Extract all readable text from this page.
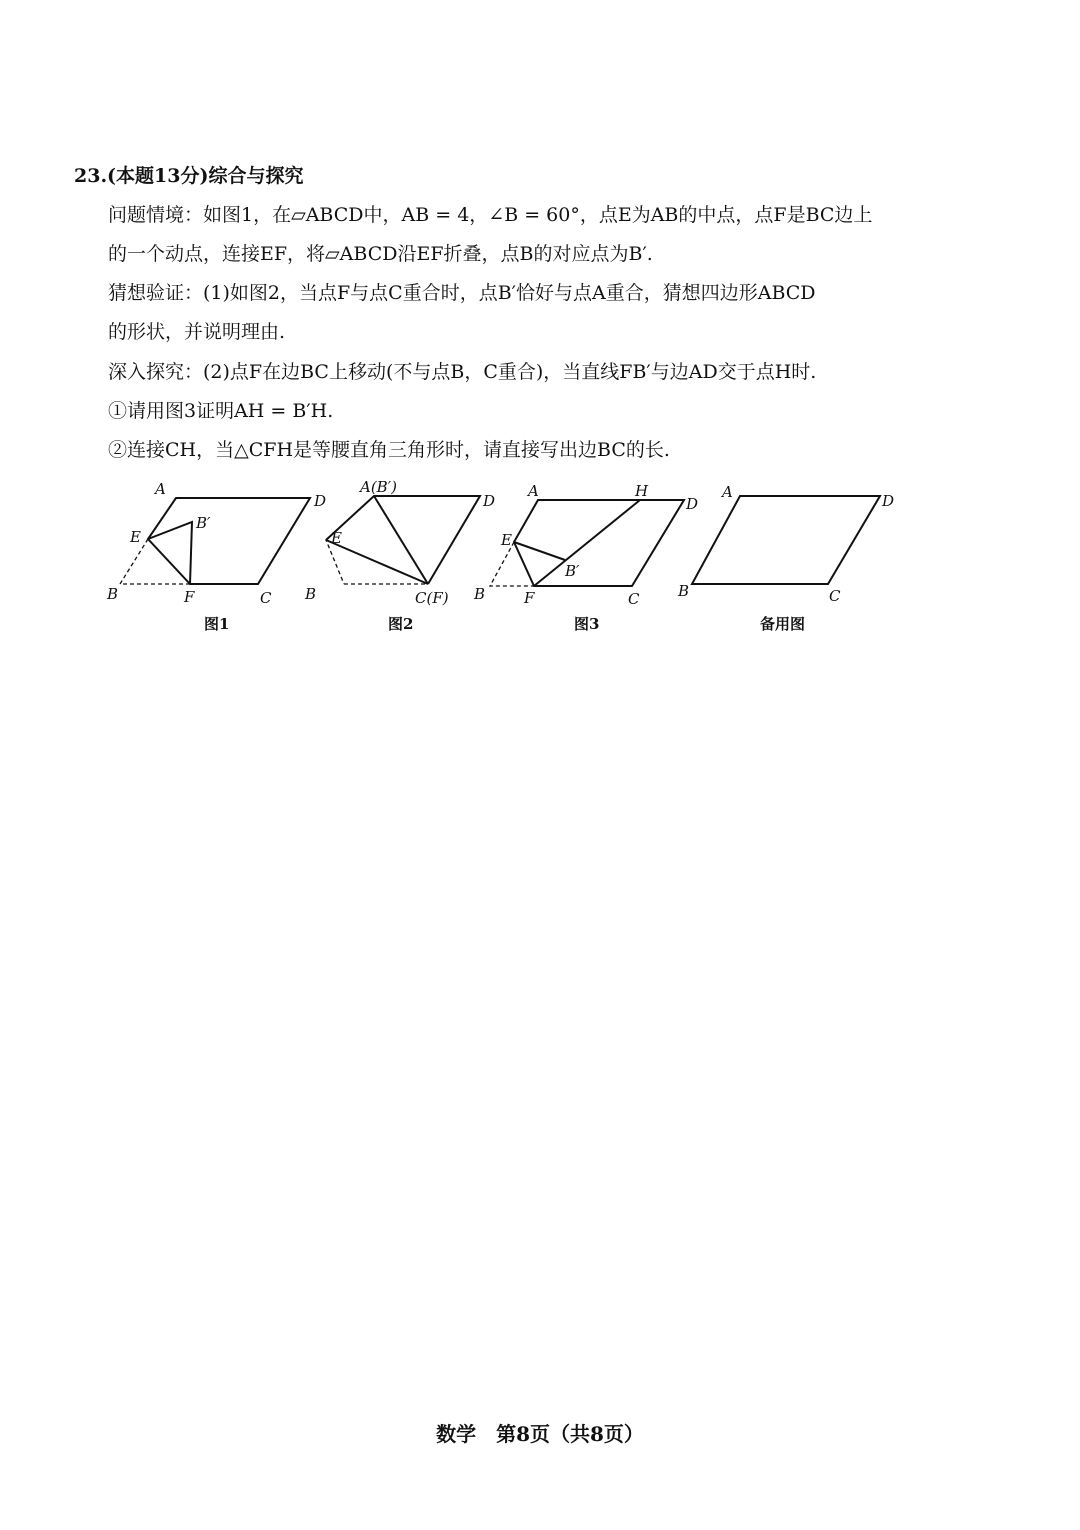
23.(本题13分)综合与探究
问题情境：如图1，在▱ABCD中，AB = 4，∠B = 60°，点E为AB的中点，点F是BC边上
的一个动点，连接EF，将▱ABCD沿EF折叠，点B的对应点为B′.
猜想验证：(1)如图2，当点F与点C重合时，点B′恰好与点A重合，猜想四边形ABCD
的形状，并说明理由.
深入探究：(2)点F在边BC上移动(不与点B，C重合)，当直线FB′与边AD交于点H时.
①请用图3证明AH = B′H.
②连接CH，当△CFH是等腰直角三角形时，请直接写出边BC的长.
A
D
E
B′
B	F	C
图1
A(B′)
D
E
B	C(F)
图2
A	H
D
E
B′
B	F	C
图3
A	D
B	C
备用图
数学　第8页（共8页）
